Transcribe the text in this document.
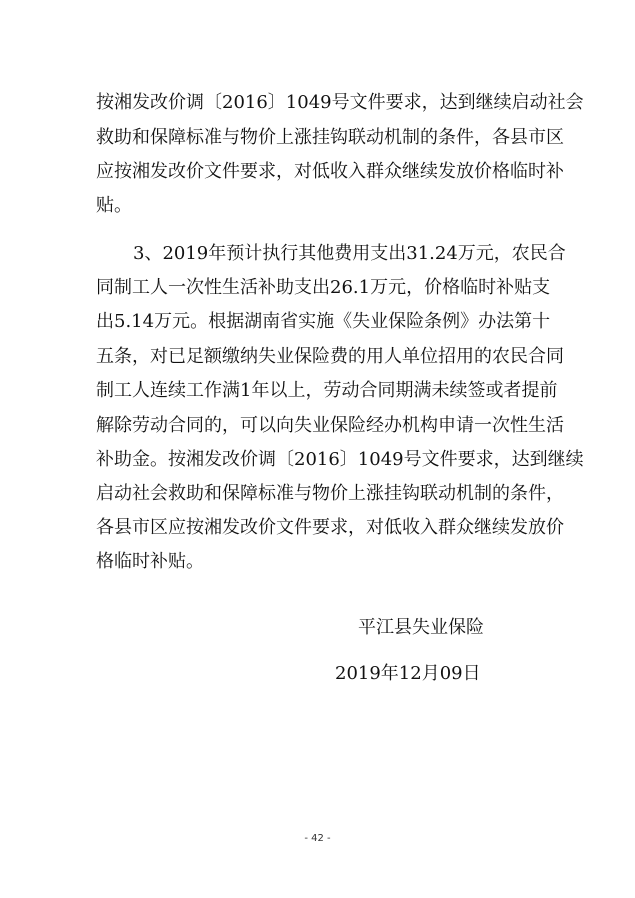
按湘发改价调〔2016〕1049号文件要求，达到继续启动社会
救助和保障标准与物价上涨挂钩联动机制的条件，各县市区
应按湘发改价文件要求，对低收入群众继续发放价格临时补
贴。
3、2019年预计执行其他费用支出31.24万元，农民合
同制工人一次性生活补助支出26.1万元，价格临时补贴支
出5.14万元。根据湖南省实施《失业保险条例》办法第十
五条，对已足额缴纳失业保险费的用人单位招用的农民合同
制工人连续工作满1年以上，劳动合同期满未续签或者提前
解除劳动合同的，可以向失业保险经办机构申请一次性生活
补助金。按湘发改价调〔2016〕1049号文件要求，达到继续
启动社会救助和保障标准与物价上涨挂钩联动机制的条件，
各县市区应按湘发改价文件要求，对低收入群众继续发放价
格临时补贴。
平江县失业保险
2019年12月09日
- 42 -
